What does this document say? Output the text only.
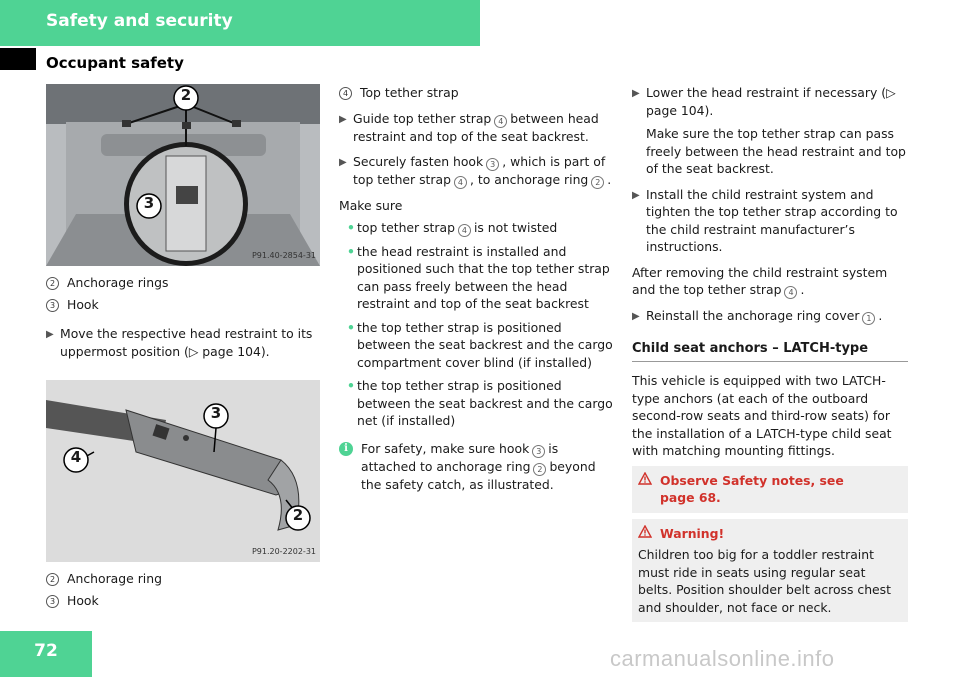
Safety and security
Occupant safety
2
3
P91.40-2854-31
2 Anchorage rings
3 Hook
▶ Move the respective head restraint to its uppermost position (▷ page 104).
3
4
2
P91.20-2202-31
2 Anchorage ring
3 Hook
4 Top tether strap
▶ Guide top tether strap 4 between head restraint and top of the seat backrest.
▶ Securely fasten hook 3 , which is part of top tether strap 4 , to anchorage ring 2 .

Make sure

• top tether strap 4 is not twisted
• the head restraint is installed and positioned such that the top tether strap can pass freely between the head restraint and top of the seat backrest
• the top tether strap is positioned between the seat backrest and the cargo compartment cover blind (if installed)
• the top tether strap is positioned between the seat backrest and the cargo net (if installed)
i	For safety, make sure hook 3 is attached to anchorage ring 2 beyond the safety catch, as illustrated.
▶ Lower the head restraint if necessary (▷ page 104).
Make sure the top tether strap can pass freely between the head restraint and top of the seat backrest.
▶ Install the child restraint system and tighten the top tether strap according to the child restraint manufacturer’s instructions.

After removing the child restraint system and the top tether strap 4 .

▶ Reinstall the anchorage ring cover 1 .
Child seat anchors – LATCH-type

This vehicle is equipped with two LATCH-type anchors (at each of the outboard second-row seats and third-row seats) for the installation of a LATCH-type child seat with matching mounting fittings.

Observe Safety notes, see page 68.
Warning!
Children too big for a toddler restraint must ride in seats using regular seat belts. Position shoulder belt across chest and shoulder, not face or neck.
72	carmanualsonline.info
